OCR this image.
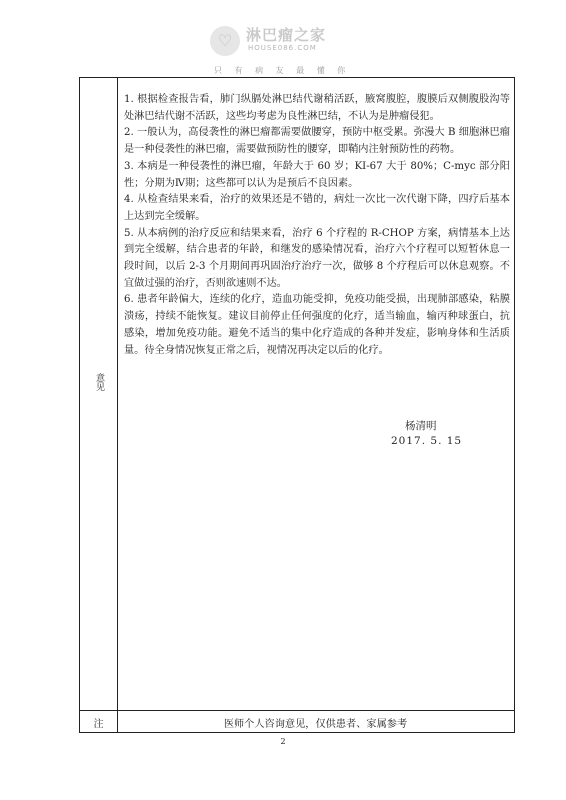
♡ 淋巴瘤之家
HOUSE086.COM
只 有 病 友 最 懂 你
意见

1. 根据检查报告看，肺门纵膈处淋巴结代谢稍活跃，腋窝腹腔，腹膜后双侧腹股沟等处淋巴结代谢不活跃，这些均考虑为良性淋巴结，不认为是肿瘤侵犯。

2. 一般认为，高侵袭性的淋巴瘤都需要做腰穿，预防中枢受累。弥漫大 B 细胞淋巴瘤是一种侵袭性的淋巴瘤，需要做预防性的腰穿，即鞘内注射预防性的药物。

3. 本病是一种侵袭性的淋巴瘤，年龄大于 60 岁；KI-67 大于 80%；C-myc 部分阳性；分期为Ⅳ期；这些都可以认为是预后不良因素。

4. 从检查结果来看，治疗的效果还是不错的，病灶一次比一次代谢下降，四疗后基本上达到完全缓解。

5. 从本病例的治疗反应和结果来看，治疗 6 个疗程的 R-CHOP 方案，病情基本上达到完全缓解，结合患者的年龄，和继发的感染情况看，治疗六个疗程可以短暂休息一段时间，以后 2-3 个月期间再巩固治疗治疗一次，做够 8 个疗程后可以休息观察。不宜做过强的治疗，否则欲速则不达。

6. 患者年龄偏大，连续的化疗，造血功能受抑，免疫功能受损，出现肺部感染，粘膜溃疡，持续不能恢复。建议目前停止任何强度的化疗，适当输血，输丙种球蛋白，抗感染，增加免疫功能。避免不适当的集中化疗造成的各种并发症，影响身体和生活质量。待全身情况恢复正常之后，视情况再决定以后的化疗。

杨清明
2017. 5. 15
注	医师个人咨询意见，仅供患者、家属参考
2
